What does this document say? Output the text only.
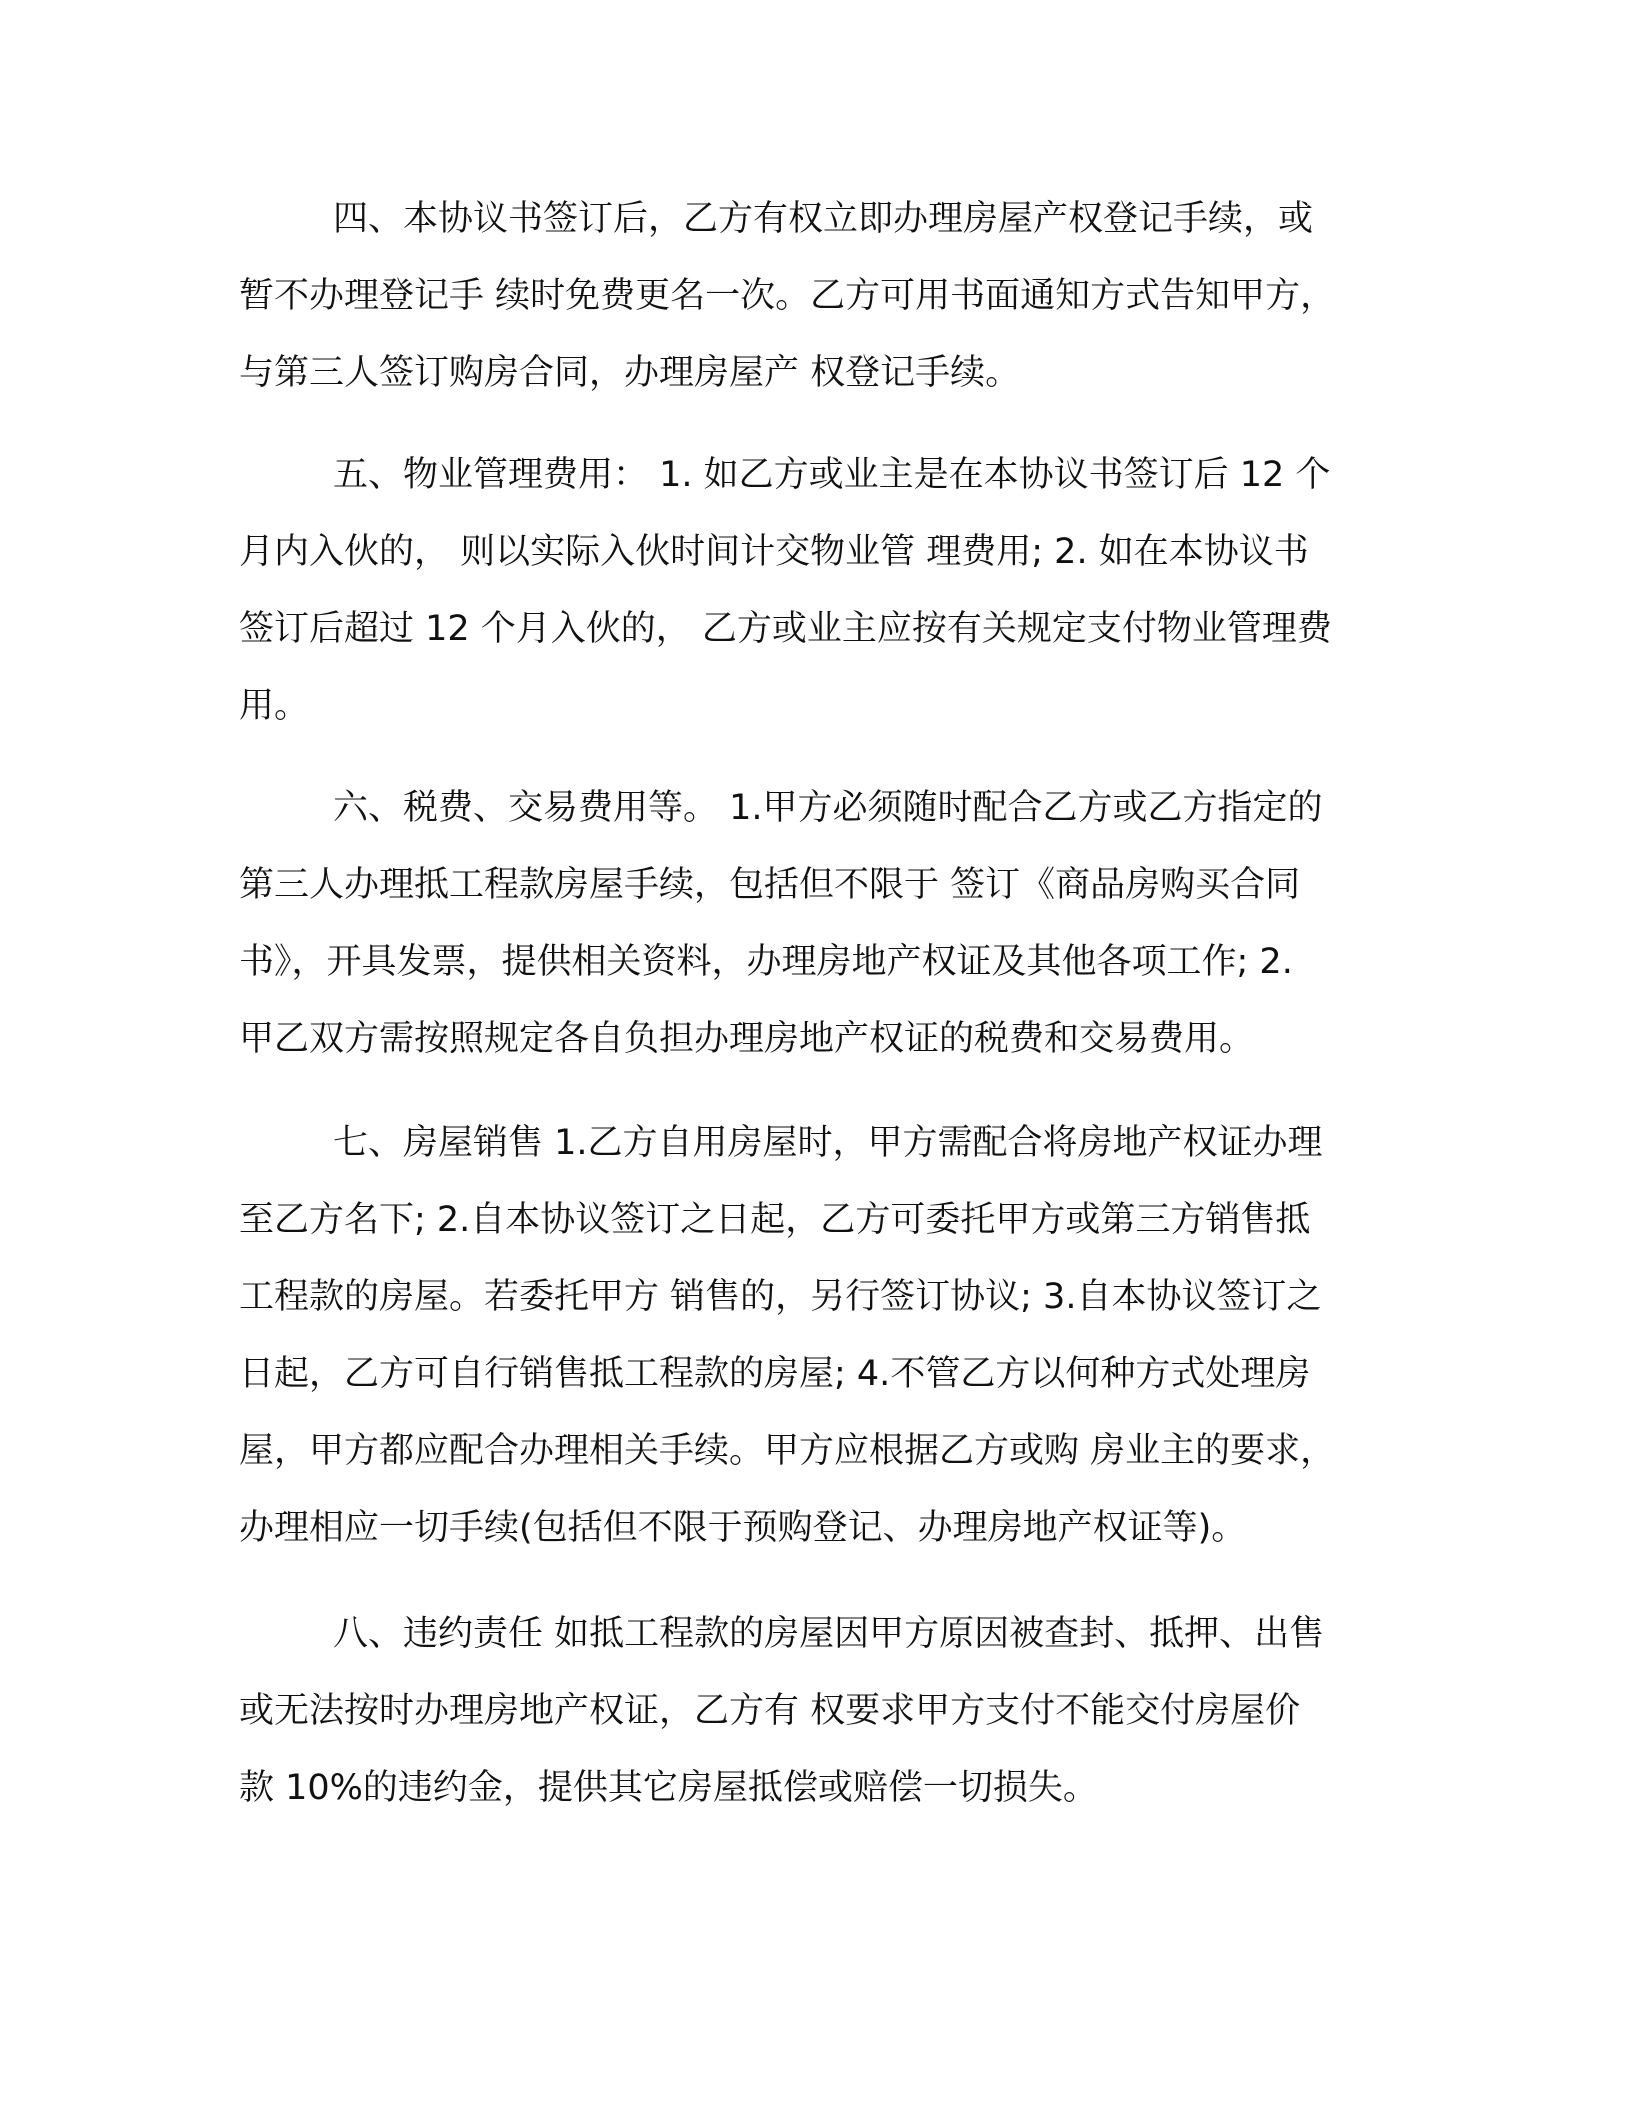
四、本协议书签订后，乙方有权立即办理房屋产权登记手续，或
暂不办理登记手 续时免费更名一次。乙方可用书面通知方式告知甲方，
与第三人签订购房合同，办理房屋产 权登记手续。
五、物业管理费用： 1. 如乙方或业主是在本协议书签订后 12 个
月内入伙的， 则以实际入伙时间计交物业管 理费用; 2. 如在本协议书
签订后超过 12 个月入伙的， 乙方或业主应按有关规定支付物业管理费
用。
六、税费、交易费用等。 1.甲方必须随时配合乙方或乙方指定的
第三人办理抵工程款房屋手续，包括但不限于 签订《商品房购买合同
书》，开具发票，提供相关资料，办理房地产权证及其他各项工作; 2.
甲乙双方需按照规定各自负担办理房地产权证的税费和交易费用。
七、房屋销售 1.乙方自用房屋时，甲方需配合将房地产权证办理
至乙方名下; 2.自本协议签订之日起，乙方可委托甲方或第三方销售抵
工程款的房屋。若委托甲方 销售的，另行签订协议; 3.自本协议签订之
日起，乙方可自行销售抵工程款的房屋; 4.不管乙方以何种方式处理房
屋，甲方都应配合办理相关手续。甲方应根据乙方或购 房业主的要求，
办理相应一切手续(包括但不限于预购登记、办理房地产权证等)。
八、违约责任 如抵工程款的房屋因甲方原因被查封、抵押、出售
或无法按时办理房地产权证，乙方有 权要求甲方支付不能交付房屋价
款 10%的违约金，提供其它房屋抵偿或赔偿一切损失。
